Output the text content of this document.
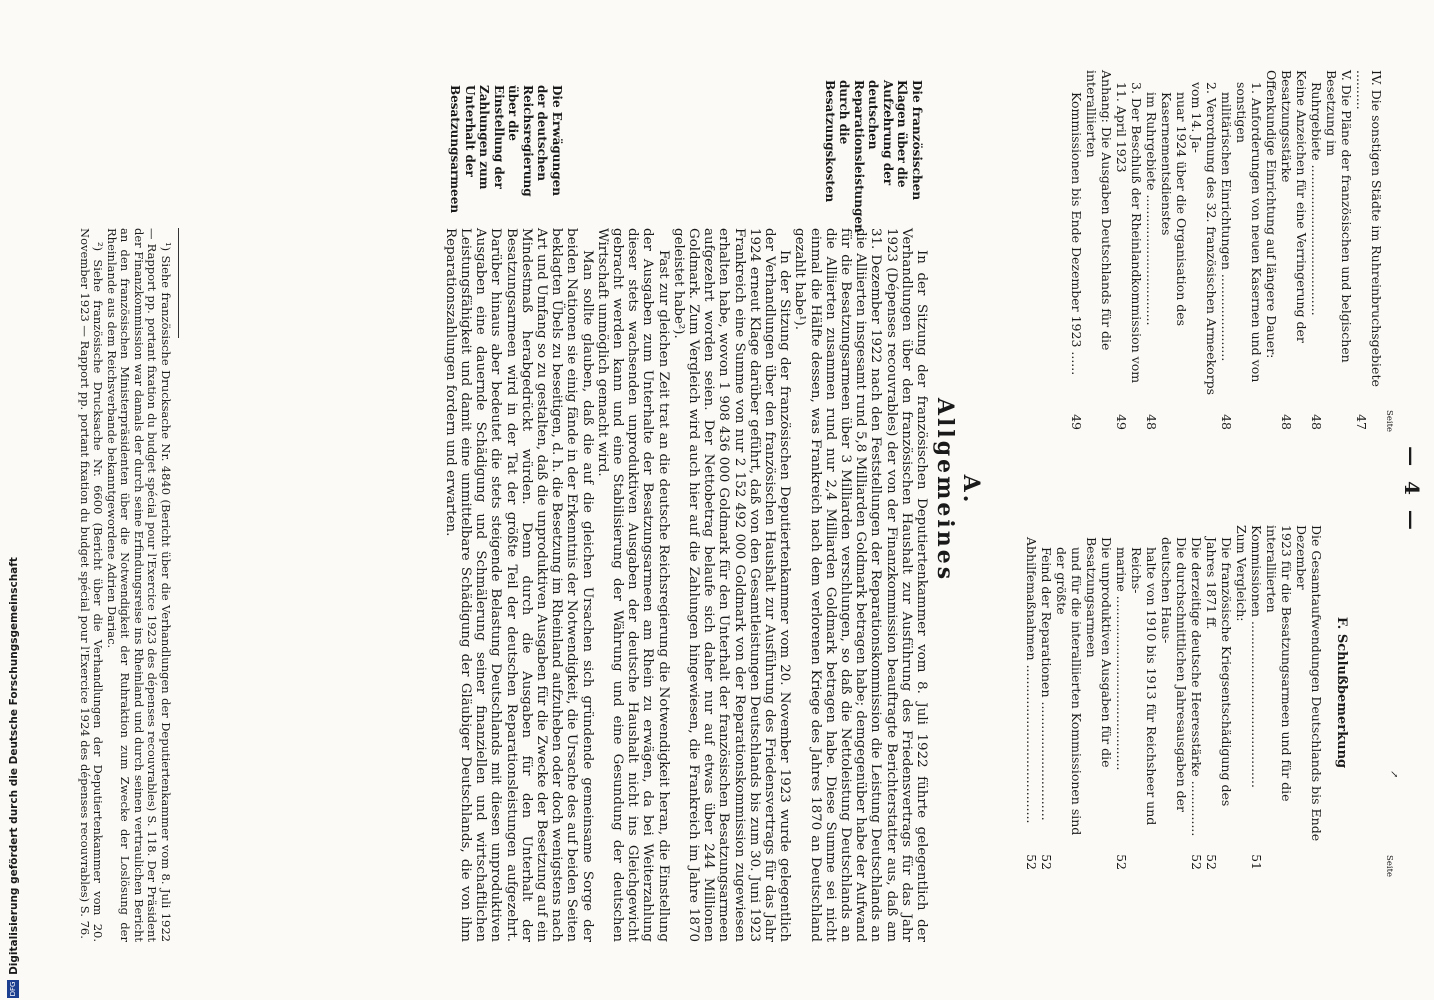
— 4 —
Seite
Seite
IV. Die sonstigen Städte im Ruhreinbruchsgebiete ..........
47
V. Die Pläne der französischen und belgischen Besetzung im
Ruhrgebiete ......................................
48
Keine Anzeichen für eine Verringerung der Besatzungsstärke
48
Offenkundige Einrichtung auf längere Dauer:
1. Anforderungen von neuen Kasernen und von sonstigen
militärischen Einrichtungen ......................
48
2. Verordnung des 32. französischen Armeekorps vom 14. Ja-
nuar 1924 über die Organisation des Kasernementsdienstes
im Ruhrgebiete .................................
48
3. Der Beschluß der Rheinlandkommission vom 11. April 1923
49
Anhang: Die Ausgaben Deutschlands für die interalliierten
Kommissionen bis Ende Dezember 1923 ......
49
F. Schlußbemerkung
Die Gesamtaufwendungen Deutschlands bis Ende Dezember
1923 für die Besatzungsarmeen und für die interalliierten
Kommissionen ..........................................
51
Zum Vergleich:
Die französische Kriegsentschädigung des Jahres 1871 ff.
52
Die derzeitige deutsche Heeresstärke ..............
52
Die durchschnittlichen Jahresausgaben der deutschen Haus-
halte von 1910 bis 1913 für Reichsheer und Reichs-
marine ............................................
52
Die unproduktiven Ausgaben für die Besatzungsarmeen
und für die interalliierten Kommissionen sind der größte
Feind der Reparationen ..............................
52
Abhilfemaßnahmen ........................................
52
A. Allgemeines
Die französischen Klagen über die Aufzehrung der deutschen Reparationsleistungen durch die Besatzungskosten
Die Erwägungen der deutschen Reichsregierung über die Einstellung der Zahlungen zum Unterhalt der Besatzungsarmeen

In der Sitzung der französischen Deputiertenkammer vom 8. Juli 1922 führte gelegentlich der Verhandlungen über den französischen Haushalt zur Ausführung des Friedensvertrags für das Jahr 1923 (Dépenses recouvrables) der von der Finanzkommission beauftragte Berichterstatter aus, daß am 31. Dezember 1922 nach den Feststellungen der Reparationskommission die Leistung Deutschlands an die Alliierten insgesamt rund 5,8 Milliarden Goldmark betragen habe; demgegenüber habe der Aufwand für die Besatzungsarmeen über 3 Milliarden verschlungen, so daß die Nettoleistung Deutschlands an die Alliierten zusammen rund nur 2,4 Milliarden Goldmark betragen habe. Diese Summe sei nicht einmal die Hälfte dessen, was Frankreich nach dem verlorenen Kriege des Jahres 1870 an Deutschland gezahlt habe¹).

In der Sitzung der französischen Deputiertenkammer vom 20. November 1923 wurde gelegentlich der Verhandlungen über den französischen Haushalt zur Ausführung des Friedensvertrags für das Jahr 1924 erneut Klage darüber geführt, daß von den Gesamtleistungen Deutschlands bis zum 30. Juni 1923 Frankreich eine Summe von nur 2 152 492 000 Goldmark von der Reparationskommission zugewiesen erhalten habe, wovon 1 908 436 000 Goldmark für den Unterhalt der französischen Besatzungsarmeen aufgezehrt worden seien. Der Nettobetrag belaufe sich daher nur auf etwas über 244 Millionen Goldmark. Zum Vergleich wird auch hier auf die Zahlungen hingewiesen, die Frankreich im Jahre 1870 geleistet habe²).

Fast zur gleichen Zeit trat an die deutsche Reichsregierung die Notwendigkeit heran, die Einstellung der Ausgaben zum Unterhalte der Besatzungsarmeen am Rhein zu erwägen, da bei Weiterzahlung dieser stets wachsenden unproduktiven Ausgaben der deutsche Haushalt nicht ins Gleichgewicht gebracht werden kann und eine Stabilisierung der Währung und eine Gesundung der deutschen Wirtschaft unmöglich gemacht wird.

Man sollte glauben, daß die auf die gleichen Ursachen sich gründende gemeinsame Sorge der beiden Nationen sie einig fände in der Erkenntnis der Notwendigkeit, die Ursache des auf beiden Seiten beklagten Übels zu beseitigen, d. h. die Besetzung im Rheinland aufzuheben oder doch wenigstens nach Art und Umfang so zu gestalten, daß die unproduktiven Ausgaben für die Zwecke der Besetzung auf ein Mindestmaß herabgedrückt würden. Denn durch die Ausgaben für den Unterhalt der Besatzungsarmeen wird in der Tat der größte Teil der deutschen Reparationsleistungen aufgezehrt. Darüber hinaus aber bedeutet die stets steigende Belastung Deutschlands mit diesen unproduktiven Ausgaben eine dauernde Schädigung und Schmälerung seiner finanziellen und wirtschaftlichen Leistungsfähigkeit und damit eine unmittelbare Schädigung der Gläubiger Deutschlands, die von ihm Reparationszahlungen fordern und erwarten.

¹) Siehe französische Drucksache Nr. 4840 (Bericht über die Verhandlungen der Deputiertenkammer vom 8. Juli 1922 — Rapport pp. portant fixation du budget spécial pour l'Exercice 1923 des dépenses recouvrables) S. 118. Der Präsident der Finanzkommission war damals der durch seine Erfindungsreise ins Rheinland und durch seinen vertraulichen Bericht an den französischen Ministerpräsidenten über die Notwendigkeit der Ruhraktion zum Zwecke der Loslösung der Rheinlande aus dem Reichsverbande bekanntgewordene Adrien Dariac.

²) Siehe französische Drucksache Nr. 6600 (Bericht über die Verhandlungen der Deputiertenkammer vom 20. November 1923 — Rapport pp. portant fixation du budget spécial pour l'Exercice 1924 des dépenses recouvrables) S. 76.	↗
DFG Digitalisierung gefördert durch die Deutsche Forschungsgemeinschaft
